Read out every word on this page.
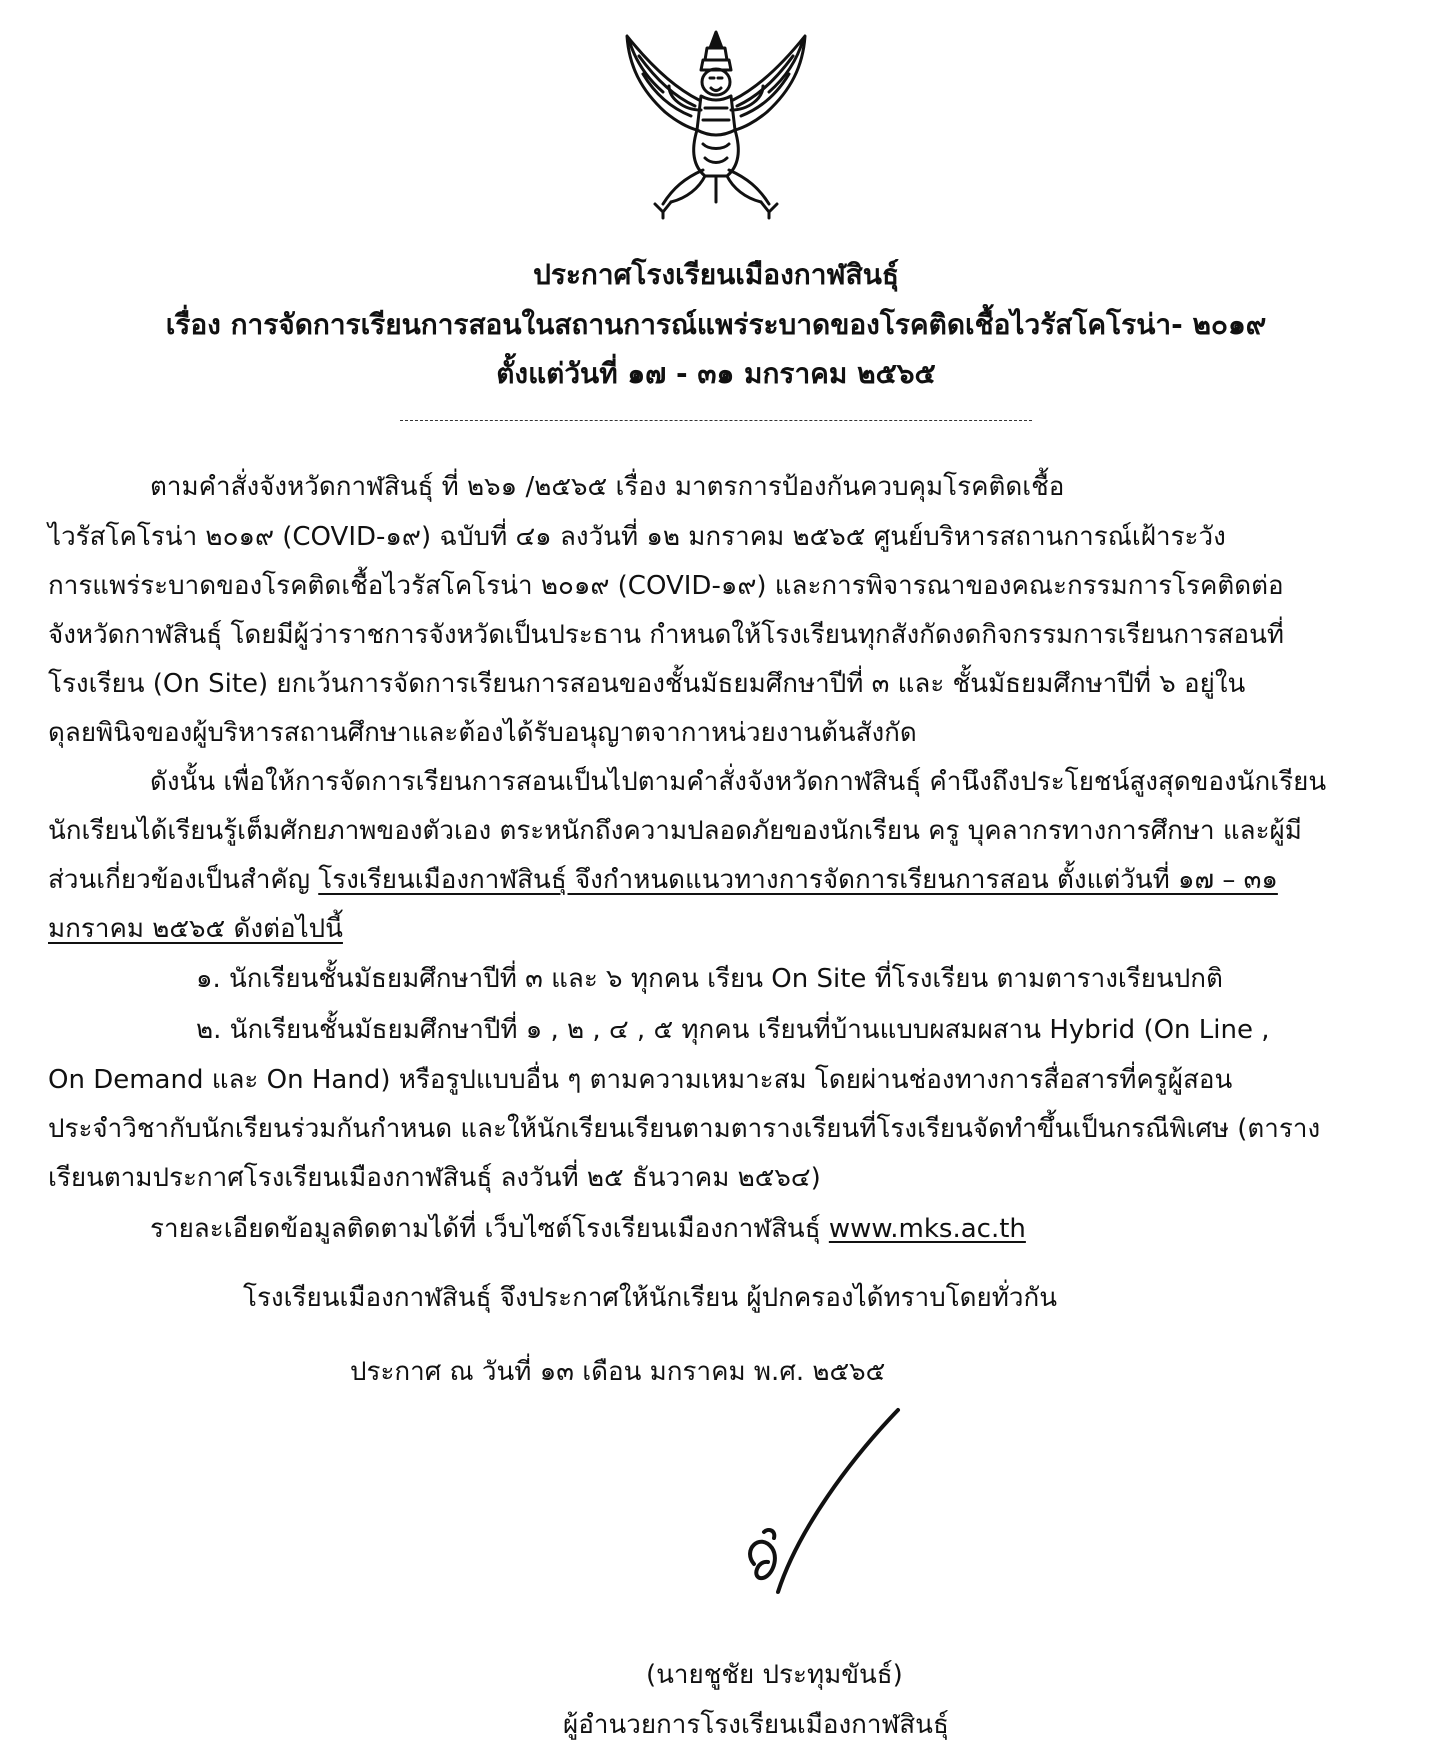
ประกาศโรงเรียนเมืองกาฬสินธุ์
เรื่อง การจัดการเรียนการสอนในสถานการณ์แพร่ระบาดของโรคติดเชื้อไวรัสโคโรน่า- ๒๐๑๙
ตั้งแต่วันที่ ๑๗ - ๓๑ มกราคม ๒๕๖๕
ตามคำสั่งจังหวัดกาฬสินธุ์ ที่ ๒๖๑ /๒๕๖๕ เรื่อง มาตรการป้องกันควบคุมโรคติดเชื้อ
ไวรัสโคโรน่า ๒๐๑๙ (COVID-๑๙) ฉบับที่ ๔๑ ลงวันที่ ๑๒ มกราคม ๒๕๖๕ ศูนย์บริหารสถานการณ์เฝ้าระวัง
การแพร่ระบาดของโรคติดเชื้อไวรัสโคโรน่า ๒๐๑๙ (COVID-๑๙) และการพิจารณาของคณะกรรมการโรคติดต่อ
จังหวัดกาฬสินธุ์ โดยมีผู้ว่าราชการจังหวัดเป็นประธาน กำหนดให้โรงเรียนทุกสังกัดงดกิจกรรมการเรียนการสอนที่
โรงเรียน (On Site) ยกเว้นการจัดการเรียนการสอนของชั้นมัธยมศึกษาปีที่ ๓ และ ชั้นมัธยมศึกษาปีที่ ๖ อยู่ใน
ดุลยพินิจของผู้บริหารสถานศึกษาและต้องได้รับอนุญาตจากาหน่วยงานต้นสังกัด
ดังนั้น เพื่อให้การจัดการเรียนการสอนเป็นไปตามคำสั่งจังหวัดกาฬสินธุ์ คำนึงถึงประโยชน์สูงสุดของนักเรียน
นักเรียนได้เรียนรู้เต็มศักยภาพของตัวเอง ตระหนักถึงความปลอดภัยของนักเรียน ครู บุคลากรทางการศึกษา และผู้มี
ส่วนเกี่ยวข้องเป็นสำคัญ โรงเรียนเมืองกาฬสินธุ์ จึงกำหนดแนวทางการจัดการเรียนการสอน ตั้งแต่วันที่ ๑๗ – ๓๑
มกราคม ๒๕๖๕ ดังต่อไปนี้
๑. นักเรียนชั้นมัธยมศึกษาปีที่ ๓ และ ๖ ทุกคน เรียน On Site ที่โรงเรียน ตามตารางเรียนปกติ
๒. นักเรียนชั้นมัธยมศึกษาปีที่ ๑ , ๒ , ๔ , ๕ ทุกคน เรียนที่บ้านแบบผสมผสาน Hybrid (On Line ,
On Demand และ On Hand) หรือรูปแบบอื่น ๆ ตามความเหมาะสม โดยผ่านช่องทางการสื่อสารที่ครูผู้สอน
ประจำวิชากับนักเรียนร่วมกันกำหนด และให้นักเรียนเรียนตามตารางเรียนที่โรงเรียนจัดทำขึ้นเป็นกรณีพิเศษ (ตาราง
เรียนตามประกาศโรงเรียนเมืองกาฬสินธุ์ ลงวันที่ ๒๕ ธันวาคม ๒๕๖๔)
รายละเอียดข้อมูลติดตามได้ที่ เว็บไซต์โรงเรียนเมืองกาฬสินธุ์ www.mks.ac.th
โรงเรียนเมืองกาฬสินธุ์ จึงประกาศให้นักเรียน ผู้ปกครองได้ทราบโดยทั่วกัน
ประกาศ ณ วันที่ ๑๓ เดือน มกราคม พ.ศ. ๒๕๖๕
(นายชูชัย ประทุมขันธ์)
ผู้อำนวยการโรงเรียนเมืองกาฬสินธุ์
